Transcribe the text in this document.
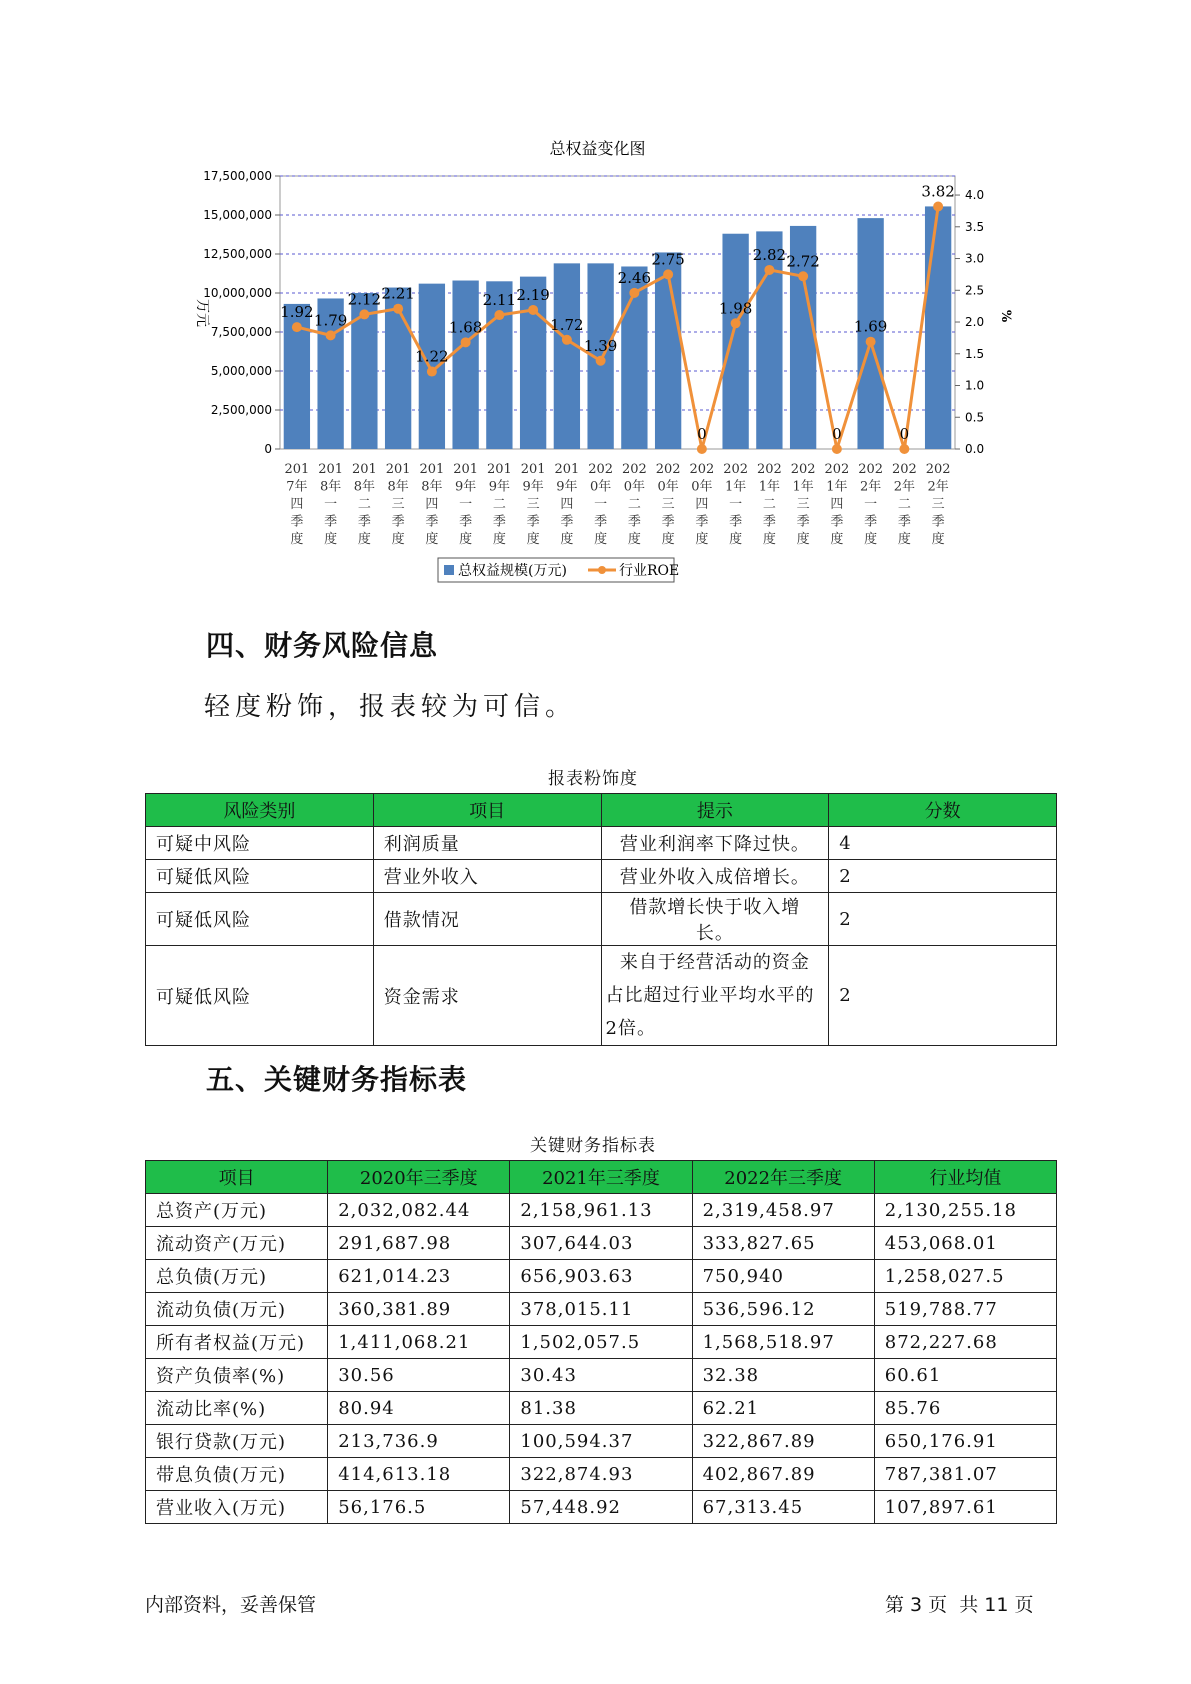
总权益变化图
0
2,500,000
5,000,000
7,500,000
10,000,000
12,500,000
15,000,000
17,500,000
0.0
0.5
1.0
1.5
2.0
2.5
3.0
3.5
4.0
万元	%
1.92 1.79
2.12 2.21
1.22
1.68
2.11 2.19
1.72
1.39
2.46
2.75
0
1.98
2.82 2.72
0
1.69
0
3.82
201
7年
四
季
度
201
8年
一
季
度
201
8年
二
季
度
201
8年
三
季
度
201
8年
四
季
度
201
9年
一
季
度
201
9年
二
季
度
201
9年
三
季
度
201
9年
四
季
度
202
0年
一
季
度
202
0年
二
季
度
202
0年
三
季
度
202
0年
四
季
度
202
1年
一
季
度
202
1年
二
季
度
202
1年
三
季
度
202
1年
四
季
度
202
2年
一
季
度
202
2年
二
季
度
202
2年
三
季
度
总权益规模(万元)	行业ROE
四、财务风险信息
轻度粉饰，报表较为可信。
报表粉饰度
风险类别	项目	提示	分数
可疑中风险	利润质量	营业利润率下降过快。	4
可疑低风险	营业外收入	营业外收入成倍增长。	2
可疑低风险	借款情况	借款增长快于收入增长。	2
可疑低风险	资金需求	来自于经营活动的资金
占比超过行业平均水平的
2倍。	2
五、关键财务指标表
关键财务指标表
项目	2020年三季度	2021年三季度	2022年三季度	行业均值
总资产(万元)	2,032,082.44	2,158,961.13	2,319,458.97	2,130,255.18
流动资产(万元)	291,687.98	307,644.03	333,827.65	453,068.01
总负债(万元)	621,014.23	656,903.63	750,940	1,258,027.5
流动负债(万元)	360,381.89	378,015.11	536,596.12	519,788.77
所有者权益(万元)	1,411,068.21	1,502,057.5	1,568,518.97	872,227.68
资产负债率(%)	30.56	30.43	32.38	60.61
流动比率(%)	80.94	81.38	62.21	85.76
银行贷款(万元)	213,736.9	100,594.37	322,867.89	650,176.91
带息负债(万元)	414,613.18	322,874.93	402,867.89	787,381.07
营业收入(万元)	56,176.5	57,448.92	67,313.45	107,897.61
内部资料，妥善保管	第 3 页  共 11 页
